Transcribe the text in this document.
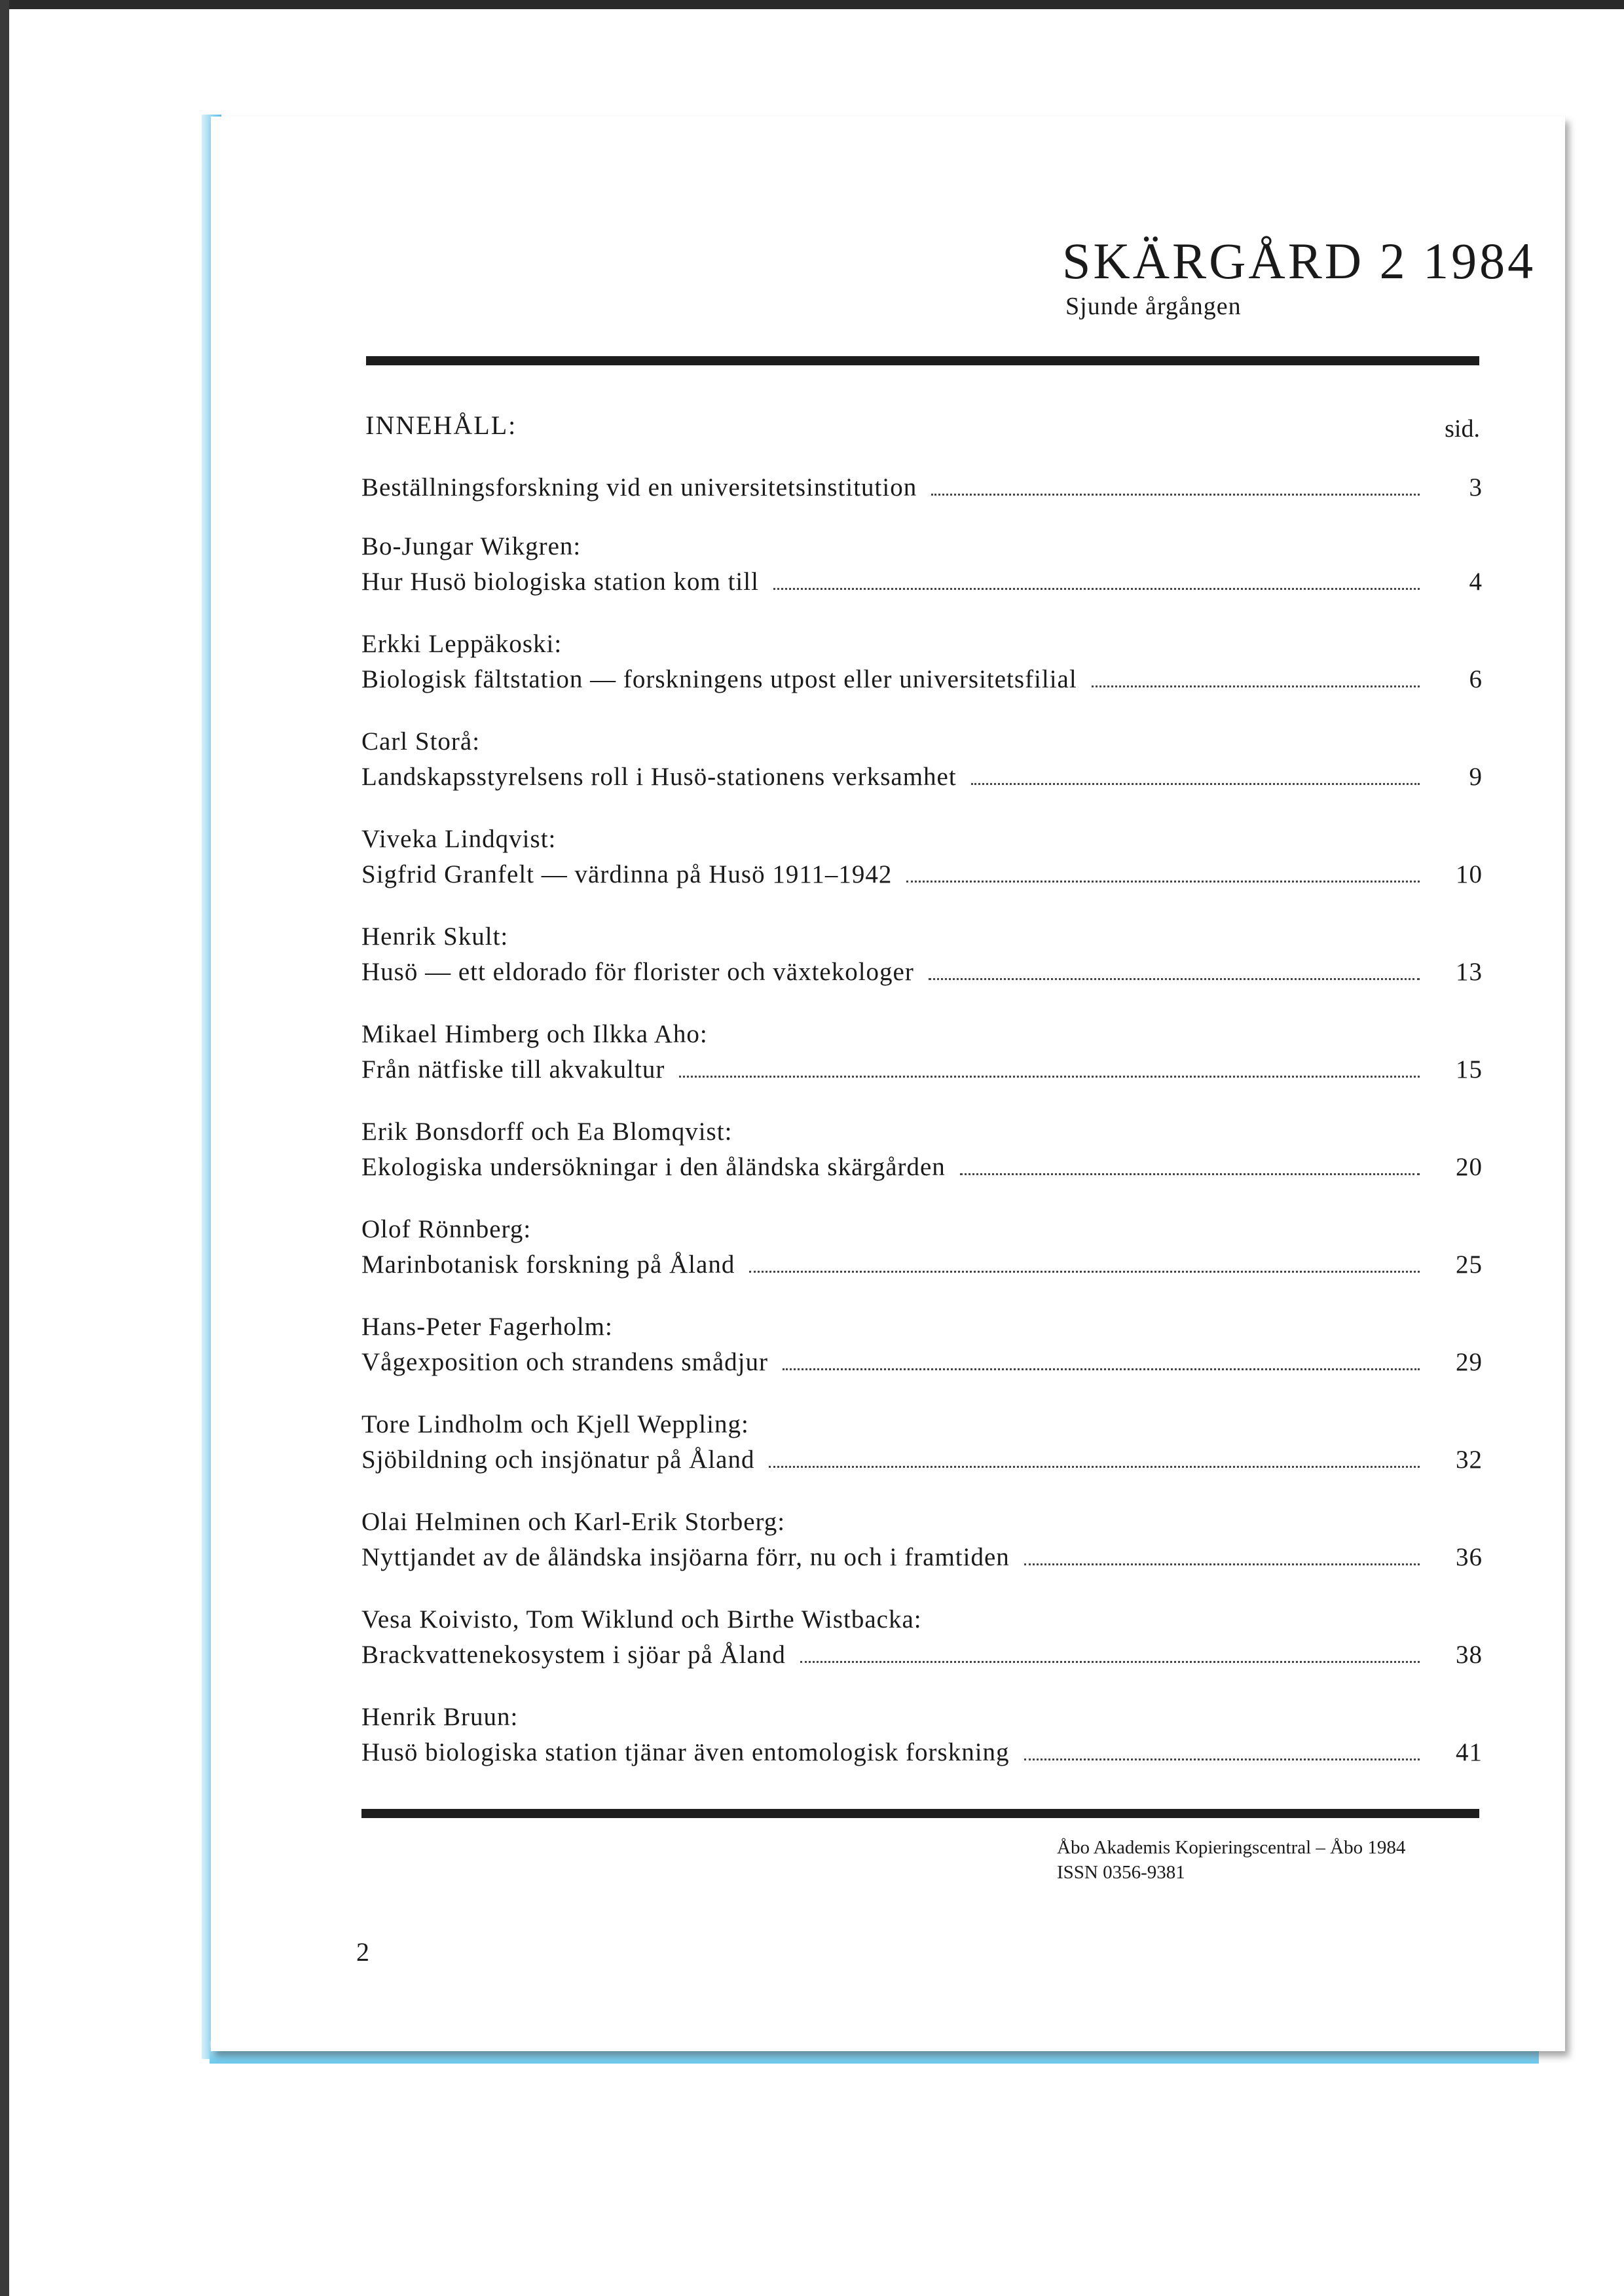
SKÄRGÅRD 2 1984
Sjunde årgången
INNEHÅLL:	sid.
Beställningsforskning vid en universitetsinstitution	3
Bo-Jungar Wikgren:
Hur Husö biologiska station kom till	4
Erkki Leppäkoski:
Biologisk fältstation — forskningens utpost eller universitetsfilial	6
Carl Storå:
Landskapsstyrelsens roll i Husö-stationens verksamhet	9
Viveka Lindqvist:
Sigfrid Granfelt — värdinna på Husö 1911–1942	10
Henrik Skult:
Husö — ett eldorado för florister och växtekologer	13
Mikael Himberg och Ilkka Aho:
Från nätfiske till akvakultur	15
Erik Bonsdorff och Ea Blomqvist:
Ekologiska undersökningar i den åländska skärgården	20
Olof Rönnberg:
Marinbotanisk forskning på Åland	25
Hans-Peter Fagerholm:
Vågexposition och strandens smådjur	29
Tore Lindholm och Kjell Weppling:
Sjöbildning och insjönatur på Åland	32
Olai Helminen och Karl-Erik Storberg:
Nyttjandet av de åländska insjöarna förr, nu och i framtiden	36
Vesa Koivisto, Tom Wiklund och Birthe Wistbacka:
Brackvattenekosystem i sjöar på Åland	38
Henrik Bruun:
Husö biologiska station tjänar även entomologisk forskning	41
Åbo Akademis Kopieringscentral – Åbo 1984
ISSN 0356-9381
2
